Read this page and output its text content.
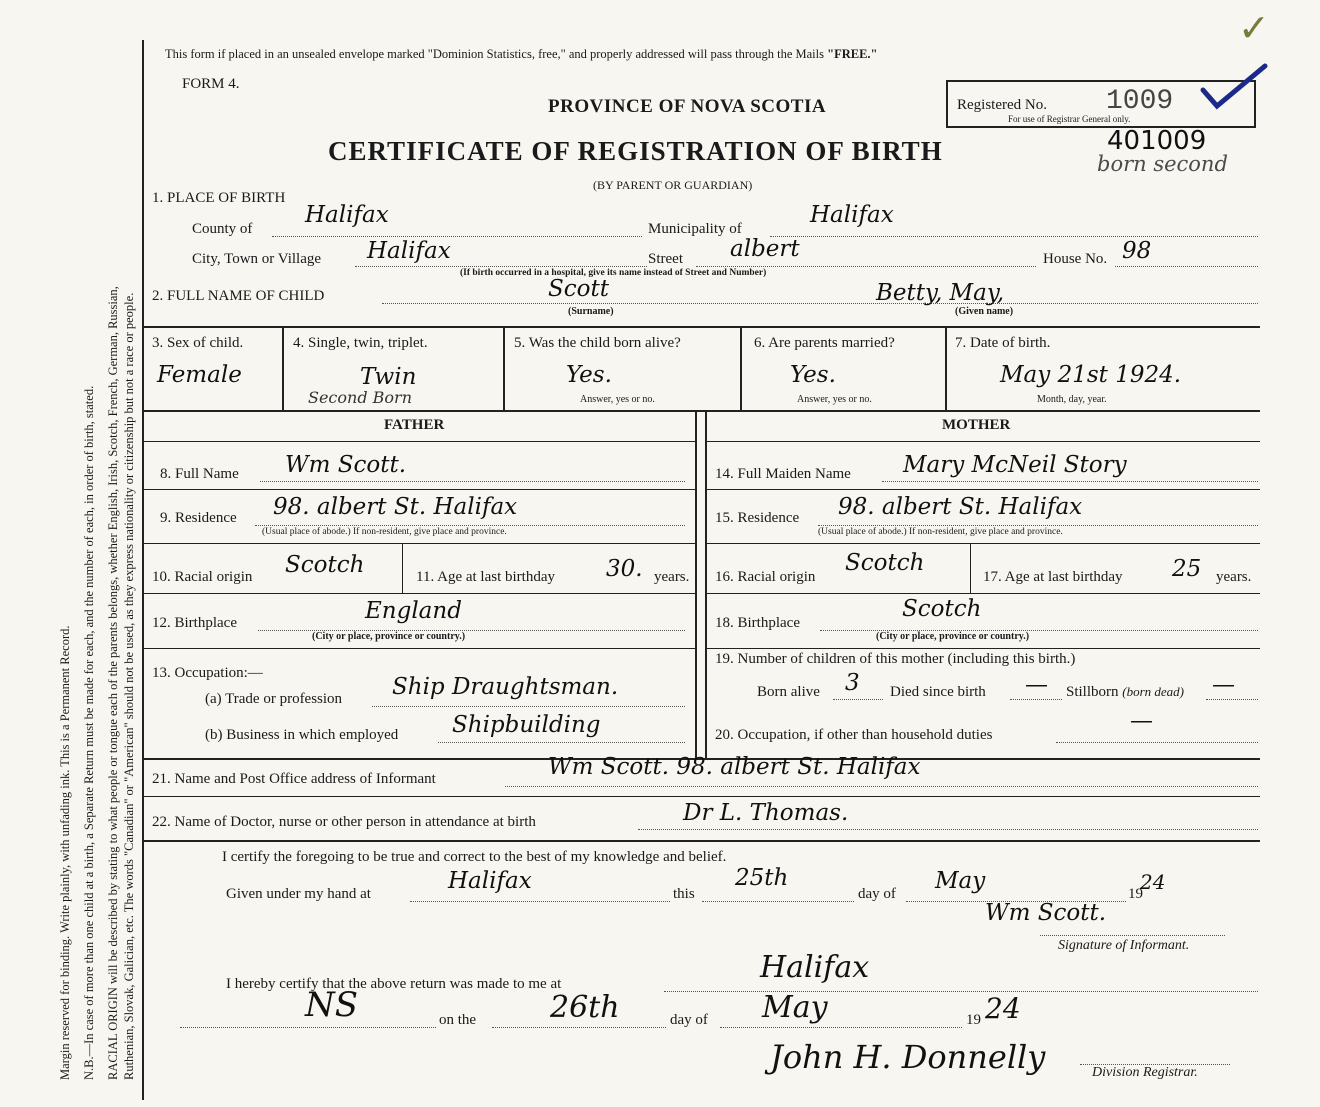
Margin reserved for binding. Write plainly, with unfading ink. This is a Permanent Record. N.B.—In case of more than one child at a birth, a Separate Return must be made for each, and the number of each, in order of birth, stated. RACIAL ORIGIN will be described by stating to what people or tongue each of the parents belongs, whether English, Irish, Scotch, French, German, Russian, Ruthenian, Slovak, Galician, etc. The words "Canadian" or "American" should not be used, as they express nationality or citizenship but not a race or people.
This form if placed in an unsealed envelope marked "Dominion Statistics, free," and properly addressed will pass through the Mails "FREE."
FORM 4.
PROVINCE OF NOVA SCOTIA
CERTIFICATE OF REGISTRATION OF BIRTH
(BY PARENT OR GUARDIAN)
Registered No. 1009
For use of Registrar General only.
✓
401009
born second
1. PLACE OF BIRTH
County of
Halifax
Municipality of
Halifax
City, Town or Village Halifax
(If birth occurred in a hospital, give its name instead of Street and Number)
Street albert	House No. 98
2. FULL NAME OF CHILD	Scott
(Surname)
Betty, May,
(Given name)
3. Sex of child.
Female
4. Single, twin, triplet.
Twin
Second Born
5. Was the child born alive?
Yes.
Answer, yes or no.
6. Are parents married?
Yes.
Answer, yes or no.
7. Date of birth.
May 21st 1924.
Month, day, year.
FATHER	MOTHER
8. Full Name Wm Scott.
9. Residence 98. albert St. Halifax
(Usual place of abode.) If non-resident, give place and province.
10. Racial origin Scotch	11. Age at last birthday 30. years.
12. Birthplace	England
(City or place, province or country.)
13. Occupation:—
(a) Trade or profession Ship Draughtsman.
(b) Business in which employed Shipbuilding
14. Full Maiden Name Mary McNeil Story
15. Residence 98. albert St. Halifax
(Usual place of abode.) If non-resident, give place and province.
16. Racial origin
Scotch
17. Age at last birthday 25 years.
18. Birthplace
Scotch
(City or place, province or country.)
19. Number of children of this mother (including this birth.)
Born alive 3 Died since birth — Stillborn (born dead) —
20. Occupation, if other than household duties
—
21. Name and Post Office address of Informant	Wm Scott. 98. albert St. Halifax
22. Name of Doctor, nurse or other person in attendance at birth	Dr L. Thomas.
I certify the foregoing to be true and correct to the best of my knowledge and belief.
Given under my hand at	Halifax	this
25th
day of May	19
24
Wm Scott.
Signature of Informant.
I hereby certify that the above return was made to me at	Halifax
NS	on the 26th	day of May	19 24
John H. Donnelly	Division Registrar.
